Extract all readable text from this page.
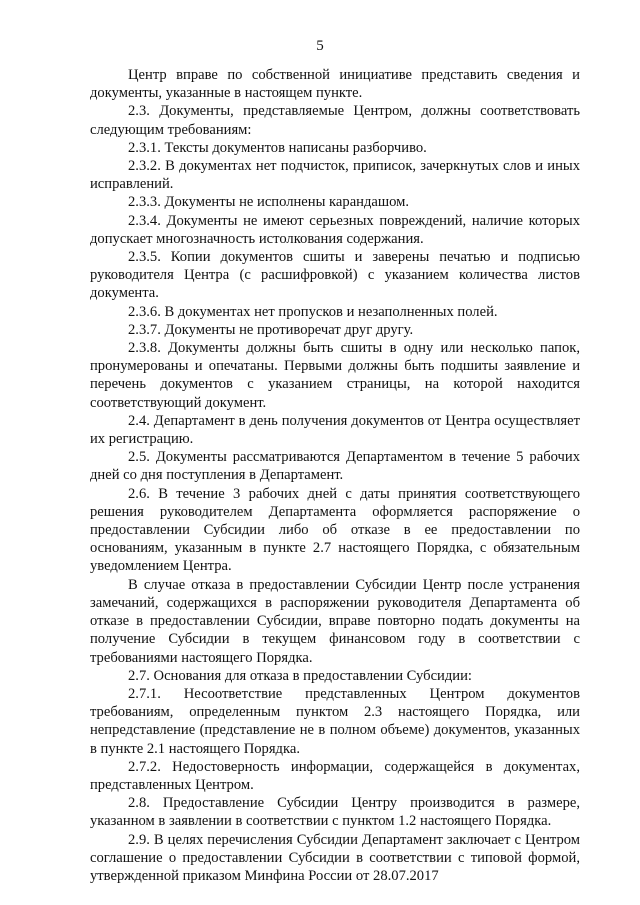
5

Центр вправе по собственной инициативе представить сведения и документы, указанные в настоящем пункте.

2.3. Документы, представляемые Центром, должны соответствовать следующим требованиям:

2.3.1. Тексты документов написаны разборчиво.

2.3.2. В документах нет подчисток, приписок, зачеркнутых слов и иных исправлений.

2.3.3. Документы не исполнены карандашом.

2.3.4. Документы не имеют серьезных повреждений, наличие которых допускает многозначность истолкования содержания.

2.3.5. Копии документов сшиты и заверены печатью и подписью руководителя Центра (с расшифровкой) с указанием количества листов документа.

2.3.6. В документах нет пропусков и незаполненных полей.

2.3.7. Документы не противоречат друг другу.

2.3.8. Документы должны быть сшиты в одну или несколько папок, пронумерованы и опечатаны. Первыми должны быть подшиты заявление и перечень документов с указанием страницы, на которой находится соответствующий документ.

2.4. Департамент в день получения документов от Центра осуществляет их регистрацию.

2.5. Документы рассматриваются Департаментом в течение 5 рабочих дней со дня поступления в Департамент.

2.6. В течение 3 рабочих дней с даты принятия соответствующего решения руководителем Департамента оформляется распоряжение о предоставлении Субсидии либо об отказе в ее предоставлении по основаниям, указанным в пункте 2.7 настоящего Порядка, с обязательным уведомлением Центра.

В случае отказа в предоставлении Субсидии Центр после устранения замечаний, содержащихся в распоряжении руководителя Департамента об отказе в предоставлении Субсидии, вправе повторно подать документы на получение Субсидии в текущем финансовом году в соответствии с требованиями настоящего Порядка.

2.7. Основания для отказа в предоставлении Субсидии:

2.7.1. Несоответствие представленных Центром документов требованиям, определенным пунктом 2.3 настоящего Порядка, или непредставление (представление не в полном объеме) документов, указанных в пункте 2.1 настоящего Порядка.

2.7.2. Недостоверность информации, содержащейся в документах, представленных Центром.

2.8. Предоставление Субсидии Центру производится в размере, указанном в заявлении в соответствии с пунктом 1.2 настоящего Порядка.

2.9. В целях перечисления Субсидии Департамент заключает с Центром соглашение о предоставлении Субсидии в соответствии с типовой формой, утвержденной приказом Минфина России от 28.07.2017
